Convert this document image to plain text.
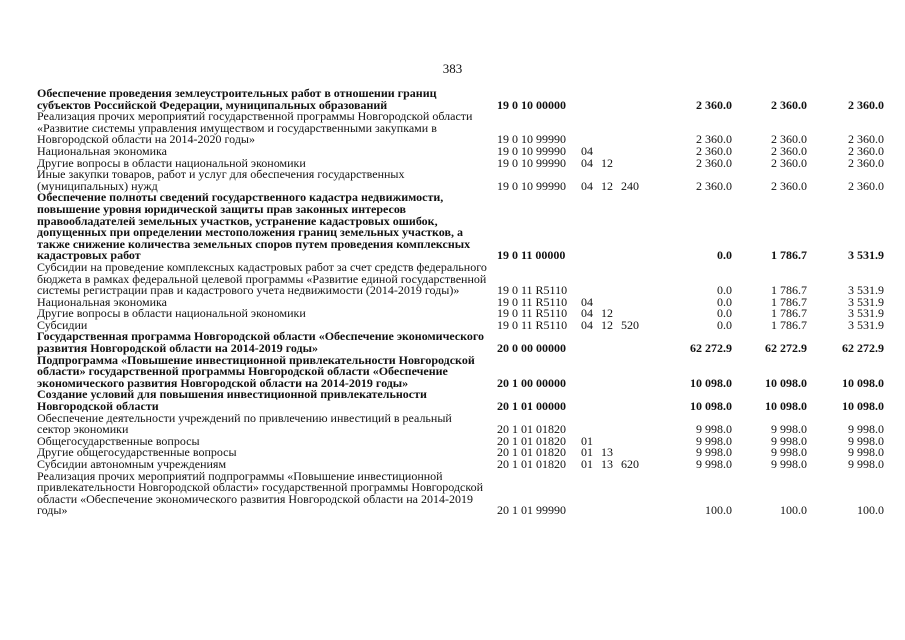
383
Обеспечение проведения землеустроительных работ в отношении границ субъектов Российской Федерации, муниципальных образований	19 0 10 00000				2 360.0	2 360.0	2 360.0
Реализация прочих мероприятий государственной программы Новгородской области «Развитие системы управления имуществом и государственными закупками в Новгородской области на 2014-2020 годы»	19 0 10 99990				2 360.0	2 360.0	2 360.0
Национальная экономика	19 0 10 99990	04			2 360.0	2 360.0	2 360.0
Другие вопросы в области национальной экономики	19 0 10 99990	04	12		2 360.0	2 360.0	2 360.0
Иные закупки товаров, работ и услуг для обеспечения государственных (муниципальных) нужд	19 0 10 99990	04	12	240	2 360.0	2 360.0	2 360.0
Обеспечение полноты сведений государственного кадастра недвижимости, повышение уровня юридической защиты прав законных интересов правообладателей земельных участков, устранение кадастровых ошибок, допущенных при определении местоположения границ земельных участков, а также снижение количества земельных споров путем проведения комплексных кадастровых работ	19 0 11 00000				0.0	1 786.7	3 531.9
Субсидии на проведение комплексных кадастровых работ за счет средств федерального бюджета в рамках федеральной целевой программы «Развитие единой государственной системы регистрации прав и кадастрового учета недвижимости (2014-2019 годы)»	19 0 11 R5110				0.0	1 786.7	3 531.9
Национальная экономика	19 0 11 R5110	04			0.0	1 786.7	3 531.9
Другие вопросы в области национальной экономики	19 0 11 R5110	04	12		0.0	1 786.7	3 531.9
Субсидии	19 0 11 R5110	04	12	520	0.0	1 786.7	3 531.9
Государственная программа Новгородской области «Обеспечение экономического развития Новгородской области на 2014-2019 годы»	20 0 00 00000				62 272.9	62 272.9	62 272.9
Подпрограмма «Повышение инвестиционной привлекательности Новгородской области» государственной программы Новгородской области «Обеспечение экономического развития Новгородской области на 2014-2019 годы»	20 1 00 00000				10 098.0	10 098.0	10 098.0
Создание условий для повышения инвестиционной привлекательности Новгородской области	20 1 01 00000				10 098.0	10 098.0	10 098.0
Обеспечение деятельности учреждений по привлечению инвестиций в реальный сектор экономики	20 1 01 01820				9 998.0	9 998.0	9 998.0
Общегосударственные вопросы	20 1 01 01820	01			9 998.0	9 998.0	9 998.0
Другие общегосударственные вопросы	20 1 01 01820	01	13		9 998.0	9 998.0	9 998.0
Субсидии автономным учреждениям	20 1 01 01820	01	13	620	9 998.0	9 998.0	9 998.0
Реализация прочих мероприятий подпрограммы «Повышение инвестиционной привлекательности Новгородской области» государственной программы Новгородской области «Обеспечение экономического развития Новгородской области на 2014-2019 годы»	20 1 01 99990				100.0	100.0	100.0
